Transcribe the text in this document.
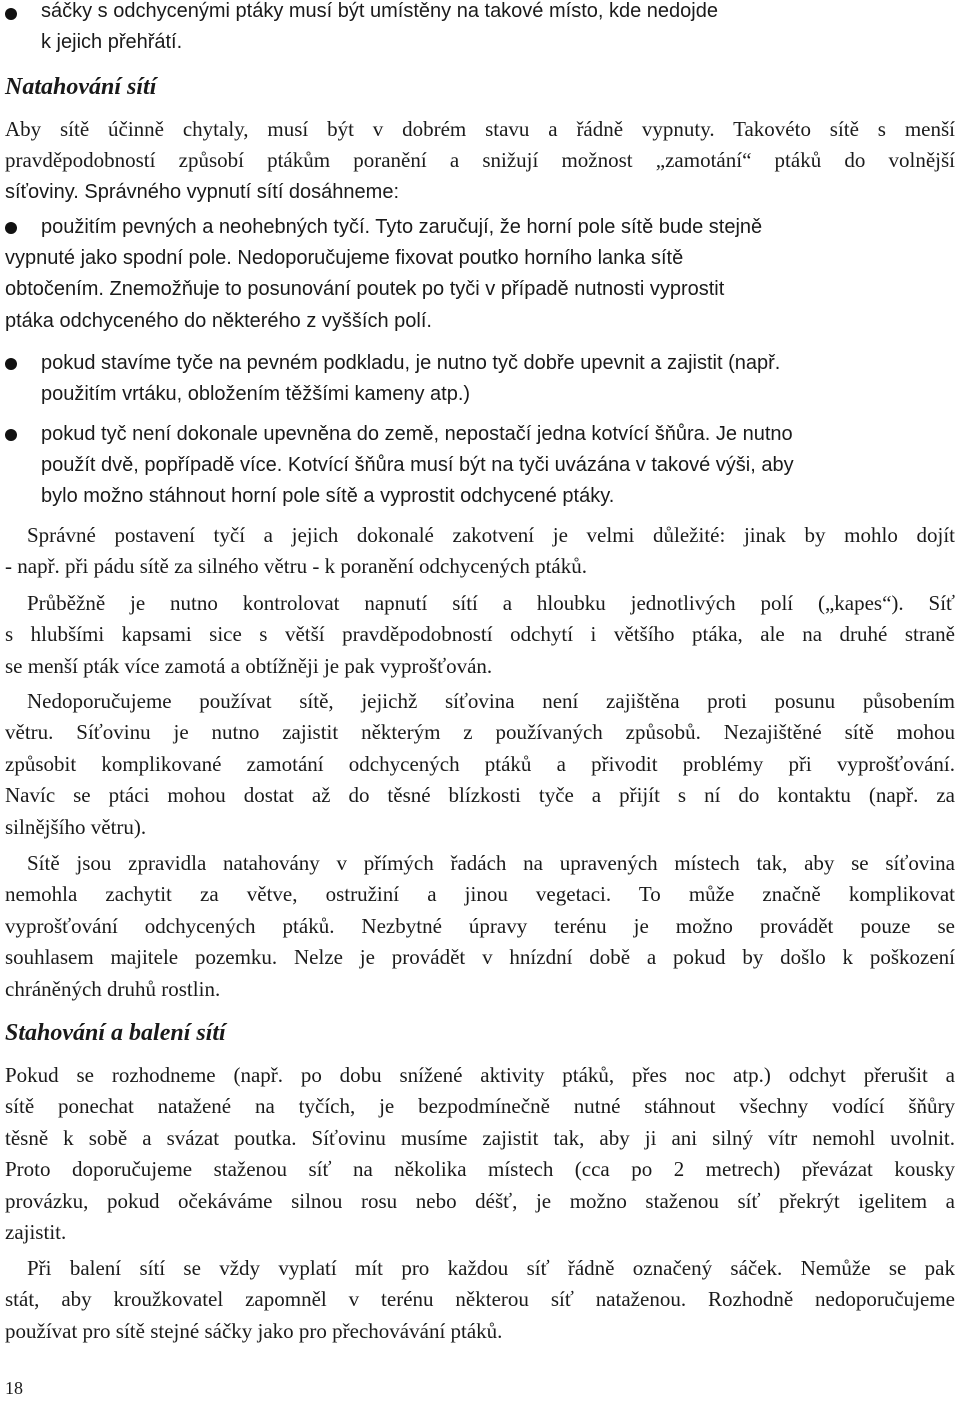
sáčky s odchycenými ptáky musí být umístěny na takové místo, kde nedojde
k jejich přehřátí.
Natahování sítí
Aby sítě účinně chytaly, musí být v dobrém stavu a řádně vypnuty. Takovéto sítě s menší
pravděpodobností způsobí ptákům poranění a snižují možnost „zamotání“ ptáků do volnější
síťoviny. Správného vypnutí sítí dosáhneme:
použitím pevných a neohebných tyčí. Tyto zaručují, že horní pole sítě bude stejně
vypnuté jako spodní pole. Nedoporučujeme fixovat poutko horního lanka sítě
obtočením. Znemožňuje to posunování poutek po tyči v případě nutnosti vyprostit
ptáka odchyceného do některého z vyšších polí.
pokud stavíme tyče na pevném podkladu, je nutno tyč dobře upevnit a zajistit (např.
použitím vrtáku, obložením těžšími kameny atp.)
pokud tyč není dokonale upevněna do země, nepostačí jedna kotvící šňůra. Je nutno
použít dvě, popřípadě více. Kotvící šňůra musí být na tyči uvázána v takové výši, aby
bylo možno stáhnout horní pole sítě a vyprostit odchycené ptáky.
Správné postavení tyčí a jejich dokonalé zakotvení je velmi důležité: jinak by mohlo dojít
- např. při pádu sítě za silného větru - k poranění odchycených ptáků.
Průběžně je nutno kontrolovat napnutí sítí a hloubku jednotlivých polí („kapes“). Síť
s hlubšími kapsami sice s větší pravděpodobností odchytí i většího ptáka, ale na druhé straně
se menší pták více zamotá a obtížněji je pak vyprošťován.
Nedoporučujeme používat sítě, jejichž síťovina není zajištěna proti posunu působením
větru. Síťovinu je nutno zajistit některým z používaných způsobů. Nezajištěné sítě mohou
způsobit komplikované zamotání odchycených ptáků a přivodit problémy při vyprošťování.
Navíc se ptáci mohou dostat až do těsné blízkosti tyče a přijít s ní do kontaktu (např. za
silnějšího větru).
Sítě jsou zpravidla natahovány v přímých řadách na upravených místech tak, aby se síťovina
nemohla zachytit za větve, ostružiní a jinou vegetaci. To může značně komplikovat
vyprošťování odchycených ptáků. Nezbytné úpravy terénu je možno provádět pouze se
souhlasem majitele pozemku. Nelze je provádět v hnízdní době a pokud by došlo k poškození
chráněných druhů rostlin.
Stahování a balení sítí
Pokud se rozhodneme (např. po dobu snížené aktivity ptáků, přes noc atp.) odchyt přerušit a
sítě ponechat natažené na tyčích, je bezpodmínečně nutné stáhnout všechny vodící šňůry
těsně k sobě a svázat poutka. Síťovinu musíme zajistit tak, aby ji ani silný vítr nemohl uvolnit.
Proto doporučujeme staženou síť na několika místech (cca po 2 metrech) převázat kousky
provázku, pokud očekáváme silnou rosu nebo déšť, je možno staženou síť překrýt igelitem a
zajistit.
Při balení sítí se vždy vyplatí mít pro každou síť řádně označený sáček. Nemůže se pak
stát, aby kroužkovatel zapomněl v terénu některou síť nataženou. Rozhodně nedoporučujeme
používat pro sítě stejné sáčky jako pro přechovávání ptáků.
18
